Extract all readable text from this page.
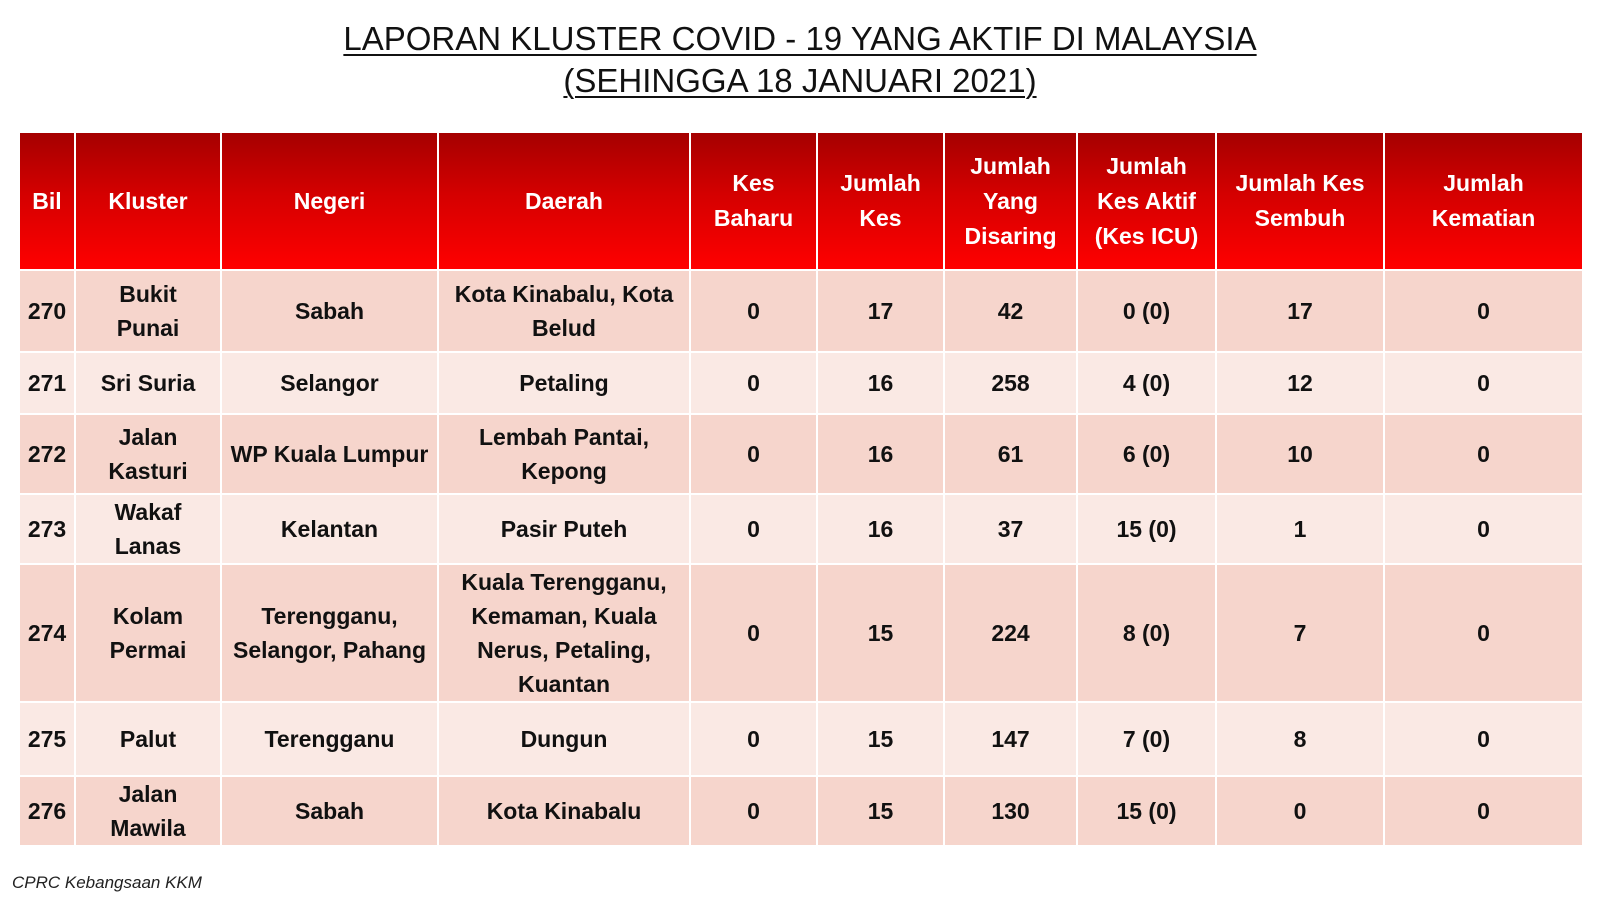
LAPORAN KLUSTER COVID - 19 YANG AKTIF DI MALAYSIA
(SEHINGGA 18 JANUARI 2021)
Bil	Kluster	Negeri	Daerah	Kes Baharu	Jumlah Kes	Jumlah Yang Disaring	Jumlah Kes Aktif (Kes ICU)	Jumlah Kes Sembuh	Jumlah Kematian
270	Bukit Punai	Sabah	Kota Kinabalu, Kota Belud	0	17	42	0 (0)	17	0
271	Sri Suria	Selangor	Petaling	0	16	258	4 (0)	12	0
272	Jalan Kasturi	WP Kuala Lumpur	Lembah Pantai, Kepong	0	16	61	6 (0)	10	0
273	Wakaf Lanas	Kelantan	Pasir Puteh	0	16	37	15 (0)	1	0
274	Kolam Permai	Terengganu, Selangor, Pahang	Kuala Terengganu, Kemaman, Kuala Nerus, Petaling, Kuantan	0	15	224	8 (0)	7	0
275	Palut	Terengganu	Dungun	0	15	147	7 (0)	8	0
276	Jalan Mawila	Sabah	Kota Kinabalu	0	15	130	15 (0)	0	0
CPRC Kebangsaan KKM
